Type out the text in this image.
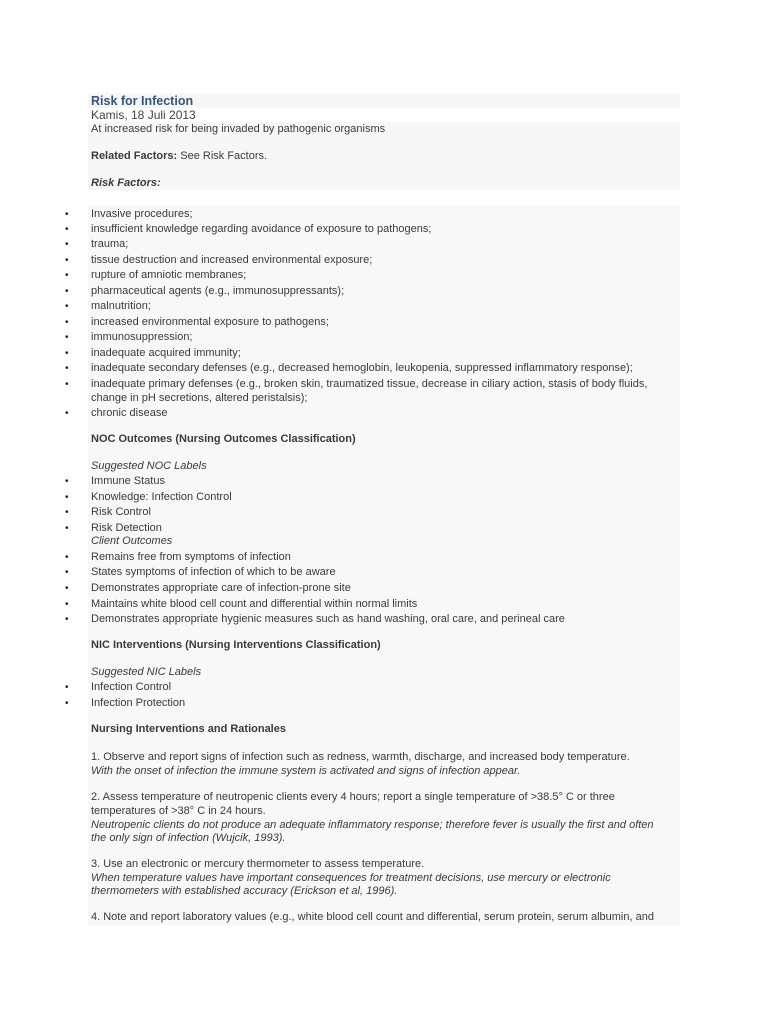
Risk for Infection
Kamis, 18 Juli 2013
At increased risk for being invaded by pathogenic organisms
Related Factors: See Risk Factors.
Risk Factors:
• Invasive procedures;
• insufficient knowledge regarding avoidance of exposure to pathogens;
• trauma;
• tissue destruction and increased environmental exposure;
• rupture of amniotic membranes;
• pharmaceutical agents (e.g., immunosuppressants);
• malnutrition;
• increased environmental exposure to pathogens;
• immunosuppression;
• inadequate acquired immunity;
• inadequate secondary defenses (e.g., decreased hemoglobin, leukopenia, suppressed inflammatory response);
• inadequate primary defenses (e.g., broken skin, traumatized tissue, decrease in ciliary action, stasis of body fluids,
change in pH secretions, altered peristalsis);
• chronic disease
NOC Outcomes (Nursing Outcomes Classification)
Suggested NOC Labels
• Immune Status
• Knowledge: Infection Control
• Risk Control
• Risk Detection
Client Outcomes
• Remains free from symptoms of infection
• States symptoms of infection of which to be aware
• Demonstrates appropriate care of infection-prone site
• Maintains white blood cell count and differential within normal limits
• Demonstrates appropriate hygienic measures such as hand washing, oral care, and perineal care
NIC Interventions (Nursing Interventions Classification)
Suggested NIC Labels
• Infection Control
• Infection Protection
Nursing Interventions and Rationales
1. Observe and report signs of infection such as redness, warmth, discharge, and increased body temperature.
With the onset of infection the immune system is activated and signs of infection appear.
2. Assess temperature of neutropenic clients every 4 hours; report a single temperature of >38.5° C or three
temperatures of >38° C in 24 hours.
Neutropenic clients do not produce an adequate inflammatory response; therefore fever is usually the first and often
the only sign of infection (Wujcik, 1993).
3. Use an electronic or mercury thermometer to assess temperature.
When temperature values have important consequences for treatment decisions, use mercury or electronic
thermometers with established accuracy (Erickson et al, 1996).
4. Note and report laboratory values (e.g., white blood cell count and differential, serum protein, serum albumin, and
